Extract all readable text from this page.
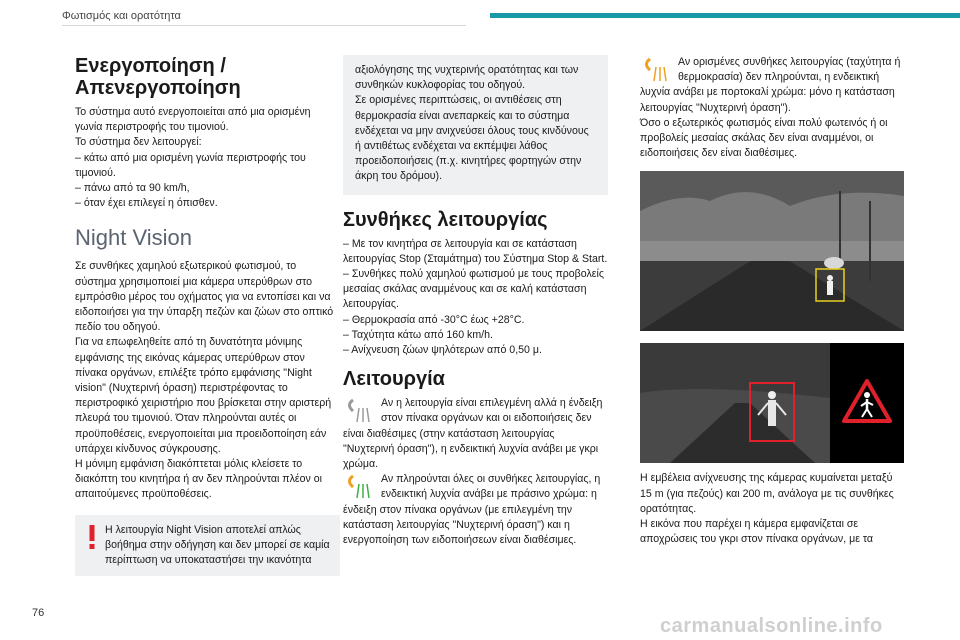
Φωτισμός και ορατότητα
Ενεργοποίηση /
Απενεργοποίηση

Το σύστημα αυτό ενεργοποιείται από μια ορισμένη γωνία περιστροφής του τιμονιού.

Το σύστημα δεν λειτουργεί:

– κάτω από μια ορισμένη γωνία περιστροφής του τιμονιού.

– πάνω από τα 90 km/h,

– όταν έχει επιλεγεί η όπισθεν.

Night Vision

Σε συνθήκες χαμηλού εξωτερικού φωτισμού, το σύστημα χρησιμοποιεί μια κάμερα υπερύθρων στο εμπρόσθιο μέρος του οχήματος για να εντοπίσει και να ειδοποιήσει για την ύπαρξη πεζών και ζώων στο οπτικό πεδίο του οδηγού.

Για να επωφεληθείτε από τη δυνατότητα μόνιμης εμφάνισης της εικόνας κάμερας υπερύθρων στον πίνακα οργάνων, επιλέξτε τρόπο εμφάνισης "Night vision" (Νυχτερινή όραση) περιστρέφοντας το περιστροφικό χειριστήριο που βρίσκεται στην αριστερή πλευρά του τιμονιού. Όταν πληρούνται αυτές οι προϋποθέσεις, ενεργοποιείται μια προειδοποίηση εάν υπάρχει κίνδυνος σύγκρουσης.

Η μόνιμη εμφάνιση διακόπτεται μόλις κλείσετε το διακόπτη του κινητήρα ή αν δεν πληρούνται πλέον οι απαιτούμενες προϋποθέσεις.

Η λειτουργία Night Vision αποτελεί απλώς βοήθημα στην οδήγηση και δεν μπορεί σε καμία περίπτωση να υποκαταστήσει την ικανότητα

αξιολόγησης της νυχτερινής ορατότητας και των συνθηκών κυκλοφορίας του οδηγού.

Σε ορισμένες περιπτώσεις, οι αντιθέσεις στη θερμοκρασία είναι ανεπαρκείς και το σύστημα ενδέχεται να μην ανιχνεύσει όλους τους κινδύνους ή αντιθέτως ενδέχεται να εκπέμψει λάθος προειδοποιήσεις (π.χ. κινητήρες φορτηγών στην άκρη του δρόμου).

Συνθήκες λειτουργίας

– Με τον κινητήρα σε λειτουργία και σε κατάσταση λειτουργίας Stop (Σταμάτημα) του Σύστημα Stop & Start.

– Συνθήκες πολύ χαμηλού φωτισμού με τους προβολείς μεσαίας σκάλας αναμμένους και σε καλή κατάσταση λειτουργίας.

– Θερμοκρασία από -30°C έως +28°C.

– Ταχύτητα κάτω από 160 km/h.

– Ανίχνευση ζώων ψηλότερων από 0,50 μ.

Λειτουργία

Αν η λειτουργία είναι επιλεγμένη αλλά η ένδειξη στον πίνακα οργάνων και οι ειδοποιήσεις δεν είναι διαθέσιμες (στην κατάσταση λειτουργίας "Νυχτερινή όραση"), η ενδεικτική λυχνία ανάβει με γκρι χρώμα.

Αν πληρούνται όλες οι συνθήκες λειτουργίας, η ενδεικτική λυχνία ανάβει με πράσινο χρώμα: η ένδειξη στον πίνακα οργάνων (με επιλεγμένη την κατάσταση λειτουργίας "Νυχτερινή όραση") και η ενεργοποίηση των ειδοποιήσεων είναι διαθέσιμες.

Αν ορισμένες συνθήκες λειτουργίας (ταχύτητα ή θερμοκρασία) δεν πληρούνται, η ενδεικτική λυχνία ανάβει με πορτοκαλί χρώμα: μόνο η κατάσταση λειτουργίας "Νυχτερινή όραση").

Όσο ο εξωτερικός φωτισμός είναι πολύ φωτεινός ή οι προβολείς μεσαίας σκάλας δεν είναι αναμμένοι, οι ειδοποιήσεις δεν είναι διαθέσιμες.

Η εμβέλεια ανίχνευσης της κάμερας κυμαίνεται μεταξύ 15 m (για πεζούς) και 200 m, ανάλογα με τις συνθήκες ορατότητας.

Η εικόνα που παρέχει η κάμερα εμφανίζεται σε αποχρώσεις του γκρι στον πίνακα οργάνων, με τα

76
carmanualsonline.info
